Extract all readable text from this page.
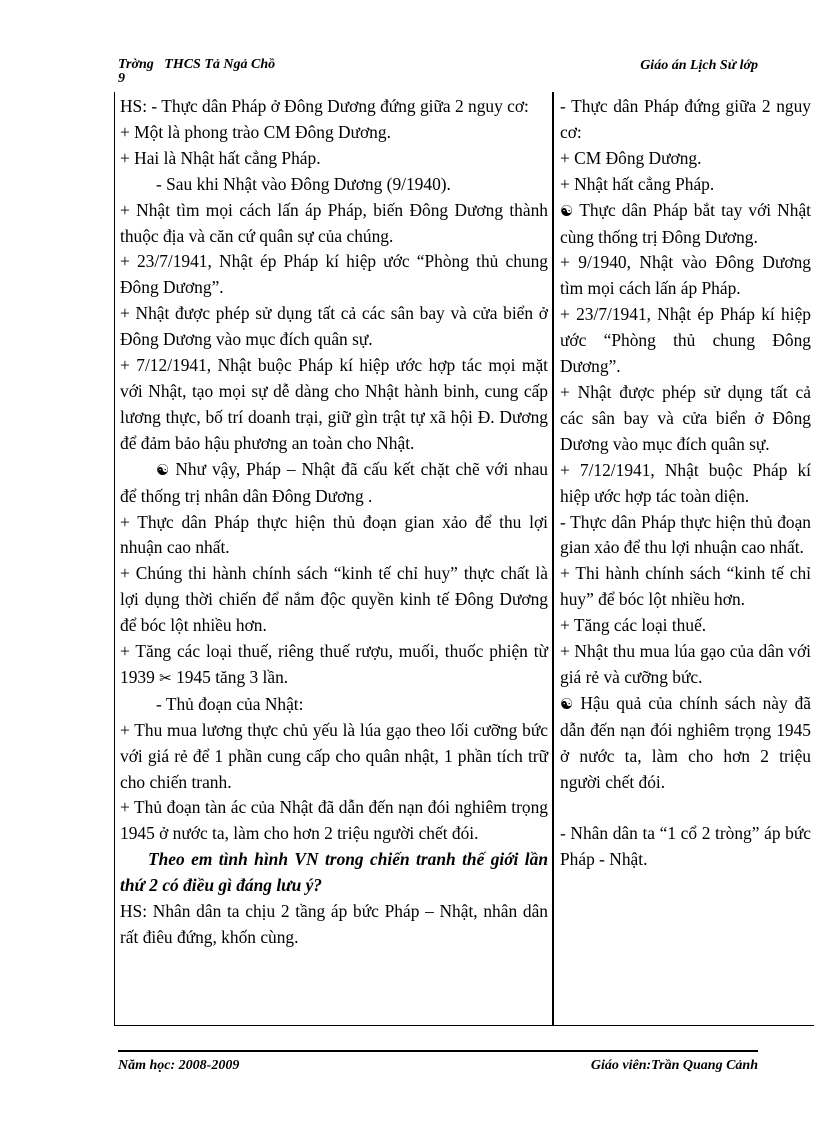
Trờng THCS Tả Ngả Chồ
9
Giáo án Lịch Sử lớp

HS: - Thực dân Pháp ở Đông Dương đứng giữa 2 nguy cơ:

+ Một là phong trào CM Đông Dương.

+ Hai là Nhật hất cẳng Pháp.

- Sau khi Nhật vào Đông Dương (9/1940).

+ Nhật tìm mọi cách lấn áp Pháp, biến Đông Dương thành thuộc địa và căn cứ quân sự của chúng.

+ 23/7/1941, Nhật ép Pháp kí hiệp ước “Phòng thủ chung Đông Dương”.

+ Nhật được phép sử dụng tất cả các sân bay và cửa biển ở Đông Dương vào mục đích quân sự.

+ 7/12/1941, Nhật buộc Pháp kí hiệp ước hợp tác mọi mặt với Nhật, tạo mọi sự dễ dàng cho Nhật hành binh, cung cấp lương thực, bố trí doanh trại, giữ gìn trật tự xã hội Đ. Dương để đảm bảo hậu phương an toàn cho Nhật.

☯ Như vậy, Pháp – Nhật đã cấu kết chặt chẽ với nhau để thống trị nhân dân Đông Dương .

+ Thực dân Pháp thực hiện thủ đoạn gian xảo để thu lợi nhuận cao nhất.

+ Chúng thi hành chính sách “kinh tế chỉ huy” thực chất là lợi dụng thời chiến để nắm độc quyền kinh tế Đông Dương để bóc lột nhiều hơn.

+ Tăng các loại thuế, riêng thuế rượu, muối, thuốc phiện từ 1939 ✂ 1945 tăng 3 lần.

- Thủ đoạn của Nhật:

+ Thu mua lương thực chủ yếu là lúa gạo theo lối cưỡng bức với giá rẻ để 1 phần cung cấp cho quân nhật, 1 phần tích trữ cho chiến tranh.

+ Thủ đoạn tàn ác của Nhật đã dẫn đến nạn đói nghiêm trọng 1945 ở nước ta, làm cho hơn 2 triệu người chết đói.

Theo em tình hình VN trong chiến tranh thế giới lần thứ 2 có điều gì đáng lưu ý?

HS: Nhân dân ta chịu 2 tầng áp bức Pháp – Nhật, nhân dân rất điêu đứng, khốn cùng.

- Thực dân Pháp đứng giữa 2 nguy cơ:

+ CM Đông Dương.

+ Nhật hất cẳng Pháp.

☯ Thực dân Pháp bắt tay với Nhật cùng thống trị Đông Dương.

+ 9/1940, Nhật vào Đông Dương tìm mọi cách lấn áp Pháp.

+ 23/7/1941, Nhật ép Pháp kí hiệp ước “Phòng thủ chung Đông Dương”.

+ Nhật được phép sử dụng tất cả các sân bay và cửa biển ở Đông Dương vào mục đích quân sự.

+ 7/12/1941, Nhật buộc Pháp kí hiệp ước hợp tác toàn diện.

- Thực dân Pháp thực hiện thủ đoạn gian xảo để thu lợi nhuận cao nhất.

+ Thi hành chính sách “kinh tế chỉ huy” để bóc lột nhiều hơn.

+ Tăng các loại thuế.

+ Nhật thu mua lúa gạo của dân với giá rẻ và cưỡng bức.

☯ Hậu quả của chính sách này đã dẫn đến nạn đói nghiêm trọng 1945 ở nước ta, làm cho hơn 2 triệu người chết đói.

- Nhân dân ta “1 cổ 2 tròng” áp bức Pháp - Nhật.

Năm học: 2008-2009	Giáo viên:Trần Quang Cảnh
